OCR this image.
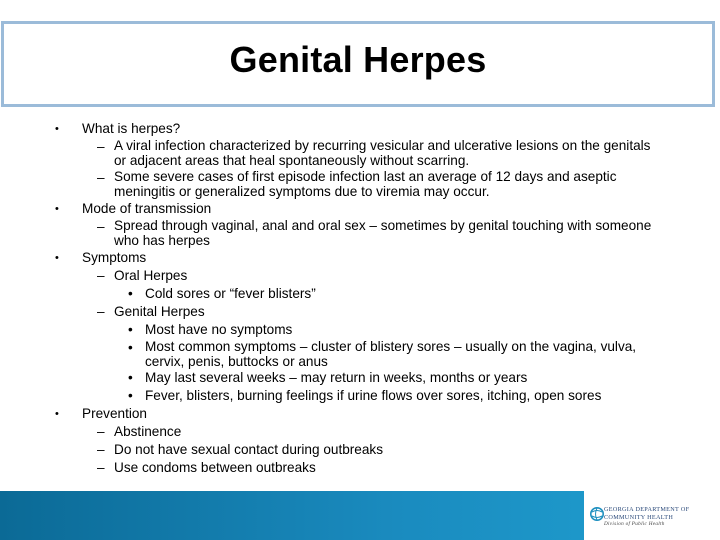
Genital Herpes
• What is herpes?
– A viral infection characterized by recurring vesicular and ulcerative lesions on the genitals or adjacent areas that heal spontaneously without scarring.
– Some severe cases of first episode infection last an average of 12 days and aseptic meningitis or generalized symptoms due to viremia may occur.
• Mode of transmission
– Spread through vaginal, anal and oral sex – sometimes by genital touching with someone who has herpes
• Symptoms
– Oral Herpes
• Cold sores or “fever blisters”
– Genital Herpes
• Most have no symptoms
• Most common symptoms – cluster of blistery sores – usually on the vagina, vulva, cervix, penis, buttocks or anus
• May last several weeks – may return in weeks, months or years
• Fever, blisters, burning feelings if urine flows over sores, itching, open sores
• Prevention
– Abstinence
– Do not have sexual contact during outbreaks
– Use condoms between outbreaks
GEORGIA DEPARTMENT OF
COMMUNITY HEALTH
Division of Public Health
